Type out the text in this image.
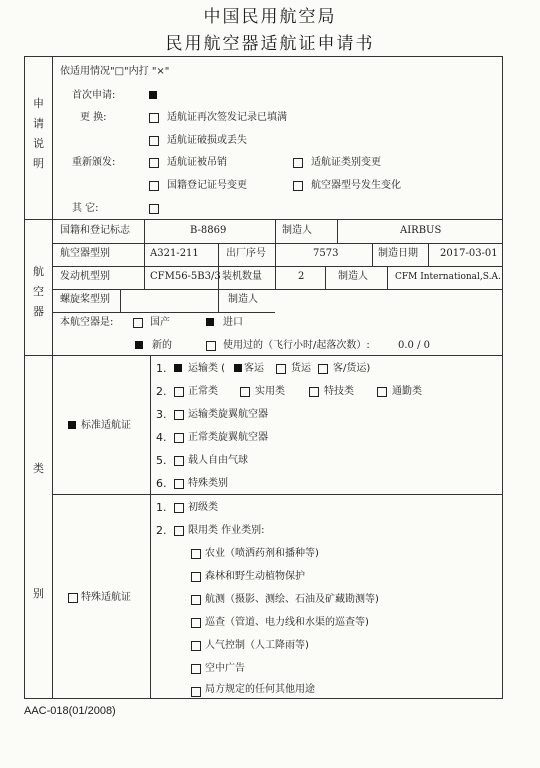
中国民用航空局
民用航空器适航证申请书
申
请
说
明
航
空
器
类
别
依适用情况"□"内打 "×"
首次申请:
更 换:	适航证再次签发记录已填满
适航证破损或丢失
重新颁发:	适航证被吊销	适航证类别变更
国籍登记证号变更	航空器型号发生变化
其 它:
国籍和登记标志	B-8869	制造人	AIRBUS
航空器型别	A321-211	出厂序号	7573	制造日期 2017-03-01
发动机型别	CFM56-5B3/3 装机数量	2	制造人	CFM International,S.A.
螺旋桨型别	制造人
本航空器是:	国产	进口
新的	使用过的（飞行小时/起落次数）:	0.0 / 0
标准适航证
1. 运输类 ( 客运	货运 客/货运)
2. 正常类	实用类	特技类	通勤类
3. 运输类旋翼航空器
4. 正常类旋翼航空器
5. 载人自由气球
6. 特殊类别
特殊适航证
1. 初级类
2. 限用类 作业类别:
农业（喷洒药剂和播种等)
森林和野生动植物保护
航测（摄影、测绘、石油及矿藏勘测等)
巡查（管道、电力线和水渠的巡查等)
人气控制（人工降雨等)
空中广告
局方规定的任何其他用途
AAC-018(01/2008)
